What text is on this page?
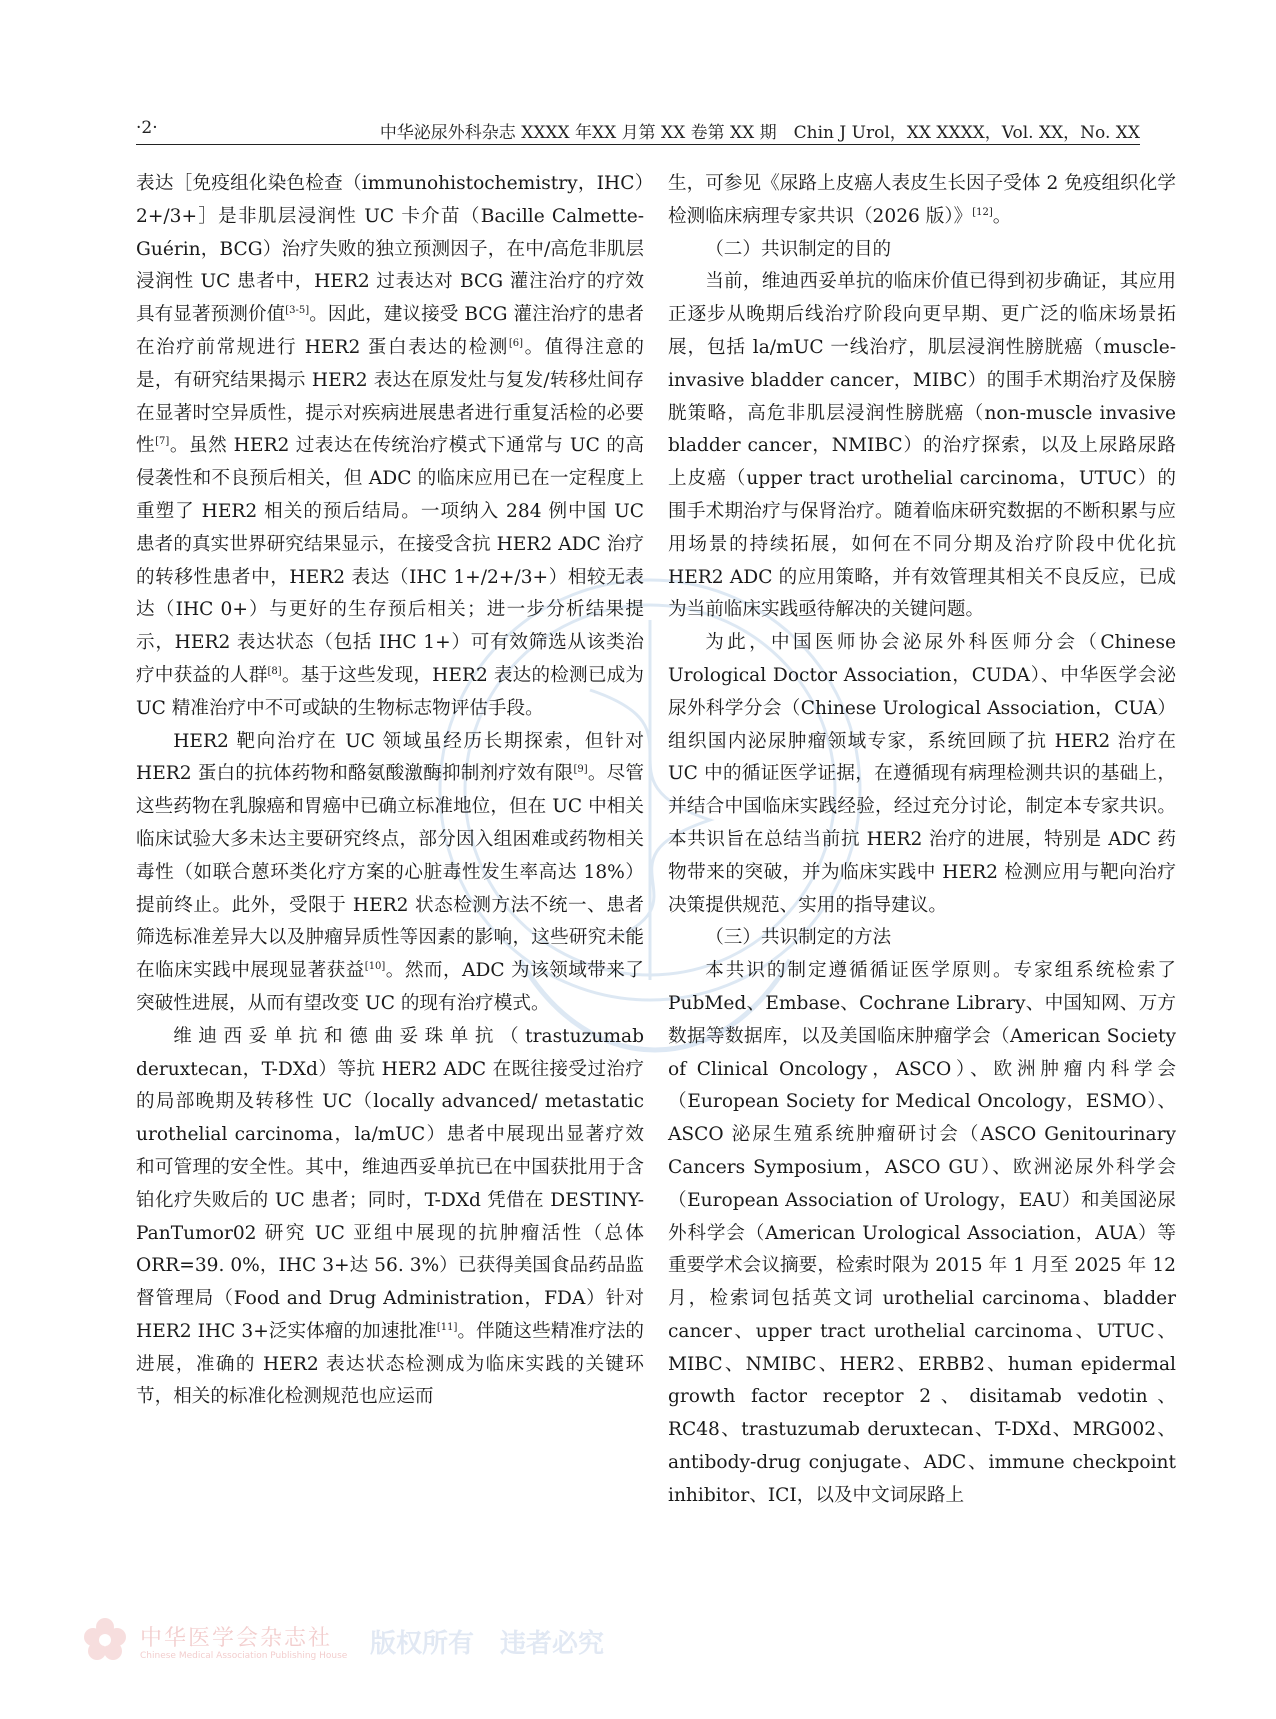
·2·	中华泌尿外科杂志 XXXX 年XX 月第 XX 卷第 XX 期　Chin J Urol，XX XXXX，Vol. XX，No. XX

表达［免疫组化染色检查（immunohistochemistry，IHC）2+/3+］是非肌层浸润性 UC 卡介苗（Bacille Calmette-Guérin，BCG）治疗失败的独立预测因子，在中/高危非肌层浸润性 UC 患者中，HER2 过表达对 BCG 灌注治疗的疗效具有显著预测价值[3-5]。因此，建议接受 BCG 灌注治疗的患者在治疗前常规进行 HER2 蛋白表达的检测[6]。值得注意的是，有研究结果揭示 HER2 表达在原发灶与复发/转移灶间存在显著时空异质性，提示对疾病进展患者进行重复活检的必要性[7]。虽然 HER2 过表达在传统治疗模式下通常与 UC 的高侵袭性和不良预后相关，但 ADC 的临床应用已在一定程度上重塑了 HER2 相关的预后结局。一项纳入 284 例中国 UC 患者的真实世界研究结果显示，在接受含抗 HER2 ADC 治疗的转移性患者中，HER2 表达（IHC 1+/2+/3+）相较无表达（IHC 0+）与更好的生存预后相关；进一步分析结果提示，HER2 表达状态（包括 IHC 1+）可有效筛选从该类治疗中获益的人群[8]。基于这些发现，HER2 表达的检测已成为 UC 精准治疗中不可或缺的生物标志物评估手段。

HER2 靶向治疗在 UC 领域虽经历长期探索，但针对 HER2 蛋白的抗体药物和酪氨酸激酶抑制剂疗效有限[9]。尽管这些药物在乳腺癌和胃癌中已确立标准地位，但在 UC 中相关临床试验大多未达主要研究终点，部分因入组困难或药物相关毒性（如联合蒽环类化疗方案的心脏毒性发生率高达 18%）提前终止。此外，受限于 HER2 状态检测方法不统一、患者筛选标准差异大以及肿瘤异质性等因素的影响，这些研究未能在临床实践中展现显著获益[10]。然而，ADC 为该领域带来了突破性进展，从而有望改变 UC 的现有治疗模式。

维迪西妥单抗和德曲妥珠单抗（trastuzumab deruxtecan，T-DXd）等抗 HER2 ADC 在既往接受过治疗的局部晚期及转移性 UC（locally advanced/ metastatic urothelial carcinoma，la/mUC）患者中展现出显著疗效和可管理的安全性。其中，维迪西妥单抗已在中国获批用于含铂化疗失败后的 UC 患者；同时，T-DXd 凭借在 DESTINY-PanTumor02 研究 UC 亚组中展现的抗肿瘤活性（总体 ORR=39. 0%，IHC 3+达 56. 3%）已获得美国食品药品监督管理局（Food and Drug Administration，FDA）针对 HER2 IHC 3+泛实体瘤的加速批准[11]。伴随这些精准疗法的进展，准确的 HER2 表达状态检测成为临床实践的关键环节，相关的标准化检测规范也应运而

生，可参见《尿路上皮癌人表皮生长因子受体 2 免疫组织化学检测临床病理专家共识（2026 版）》[12]。

（二）共识制定的目的

当前，维迪西妥单抗的临床价值已得到初步确证，其应用正逐步从晚期后线治疗阶段向更早期、更广泛的临床场景拓展，包括 la/mUC 一线治疗，肌层浸润性膀胱癌（muscle-invasive bladder cancer，MIBC）的围手术期治疗及保膀胱策略，高危非肌层浸润性膀胱癌（non-muscle invasive bladder cancer，NMIBC）的治疗探索，以及上尿路尿路上皮癌（upper tract urothelial carcinoma，UTUC）的围手术期治疗与保肾治疗。随着临床研究数据的不断积累与应用场景的持续拓展，如何在不同分期及治疗阶段中优化抗 HER2 ADC 的应用策略，并有效管理其相关不良反应，已成为当前临床实践亟待解决的关键问题。

为此，中国医师协会泌尿外科医师分会（Chinese Urological Doctor Association，CUDA）、中华医学会泌尿外科学分会（Chinese Urological Association，CUA）组织国内泌尿肿瘤领域专家，系统回顾了抗 HER2 治疗在 UC 中的循证医学证据，在遵循现有病理检测共识的基础上，并结合中国临床实践经验，经过充分讨论，制定本专家共识。本共识旨在总结当前抗 HER2 治疗的进展，特别是 ADC 药物带来的突破，并为临床实践中 HER2 检测应用与靶向治疗决策提供规范、实用的指导建议。

（三）共识制定的方法

本共识的制定遵循循证医学原则。专家组系统检索了 PubMed、Embase、Cochrane Library、中国知网、万方数据等数据库，以及美国临床肿瘤学会（American Society of Clinical Oncology，ASCO）、欧洲肿瘤内科学会（European Society for Medical Oncology，ESMO）、ASCO 泌尿生殖系统肿瘤研讨会（ASCO Genitourinary Cancers Symposium，ASCO GU）、欧洲泌尿外科学会（European Association of Urology，EAU）和美国泌尿外科学会（American Urological Association，AUA）等重要学术会议摘要，检索时限为 2015 年 1 月至 2025 年 12 月，检索词包括英文词 urothelial carcinoma、bladder cancer、upper tract urothelial carcinoma、UTUC、MIBC、NMIBC、HER2、ERBB2、human epidermal growth factor receptor 2、disitamab vedotin、RC48、trastuzumab deruxtecan、T-DXd、MRG002、antibody-drug conjugate、ADC、immune checkpoint inhibitor、ICI，以及中文词尿路上

中华医学会杂志社
Chinese Medical Association Publishing House 版权所有 违者必究
